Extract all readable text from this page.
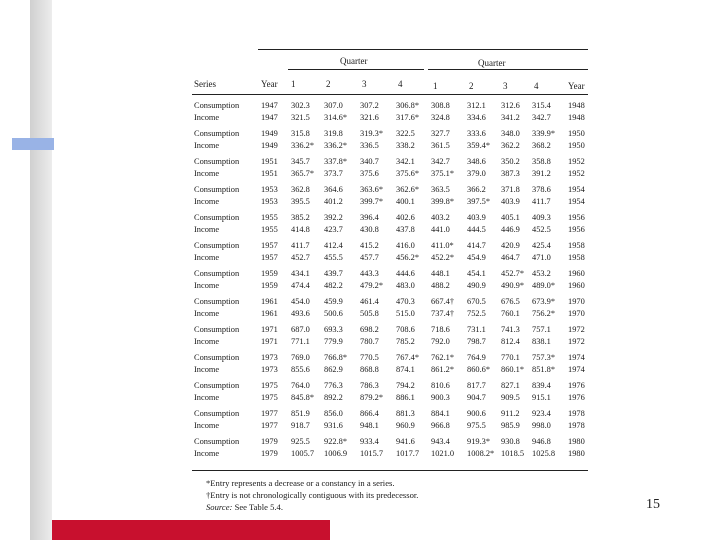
15
Quarter	Quarter
Series	Year 1	2	3	4	1	2	3	4	Year
Consumption	1947 302.3 307.0 307.2 306.8* 308.8 312.1 312.6 315.4 1948
Income	1947 321.5 314.6* 321.6 317.6* 324.8 334.6 341.2 342.7 1948
Consumption	1949 315.8 319.8 319.3* 322.5 327.7 333.6 348.0 339.9* 1950
Income	1949 336.2* 336.2* 336.5 338.2 361.5 359.4* 362.2 368.2 1950
Consumption	1951 345.7 337.8* 340.7 342.1 342.7 348.6 350.2 358.8 1952
Income	1951 365.7* 373.7 375.6 375.6* 375.1* 379.0 387.3 391.2 1952
Consumption	1953 362.8 364.6 363.6* 362.6* 363.5 366.2 371.8 378.6 1954
Income	1953 395.5 401.2 399.7* 400.1 399.8* 397.5* 403.9 411.7 1954
Consumption	1955 385.2 392.2 396.4 402.6 403.2 403.9 405.1 409.3 1956
Income	1955 414.8 423.7 430.8 437.8 441.0 444.5 446.9 452.5 1956
Consumption	1957 411.7 412.4 415.2 416.0 411.0* 414.7 420.9 425.4 1958
Income	1957 452.7 455.5 457.7 456.2* 452.2* 454.9 464.7 471.0 1958
Consumption	1959 434.1 439.7 443.3 444.6 448.1 454.1 452.7* 453.2 1960
Income	1959 474.4 482.2 479.2* 483.0 488.2 490.9 490.9* 489.0* 1960
Consumption	1961 454.0 459.9 461.4 470.3 667.4† 670.5 676.5 673.9* 1970
Income	1961 493.6 500.6 505.8 515.0 737.4† 752.5 760.1 756.2* 1970
Consumption	1971 687.0 693.3 698.2 708.6 718.6 731.1 741.3 757.1 1972
Income	1971 771.1 779.9 780.7 785.2 792.0 798.7 812.4 838.1 1972
Consumption	1973 769.0 766.8* 770.5 767.4* 762.1* 764.9 770.1 757.3* 1974
Income	1973 855.6 862.9 868.8 874.1 861.2* 860.6* 860.1* 851.8* 1974
Consumption	1975 764.0 776.3 786.3 794.2 810.6 817.7 827.1 839.4 1976
Income	1975 845.8* 892.2 879.2* 886.1 900.3 904.7 909.5 915.1 1976
Consumption	1977 851.9 856.0 866.4 881.3 884.1 900.6 911.2 923.4 1978
Income	1977 918.7 931.6 948.1 960.9 966.8 975.5 985.9 998.0 1978
Consumption	1979 925.5 922.8* 933.4 941.6 943.4 919.3* 930.8 946.8 1980
Income	1979 1005.7 1006.9 1015.7 1017.7 1021.0 1008.2* 1018.5 1025.8 1980
*Entry represents a decrease or a constancy in a series.
†Entry is not chronologically contiguous with its predecessor.
Source: See Table 5.4.
